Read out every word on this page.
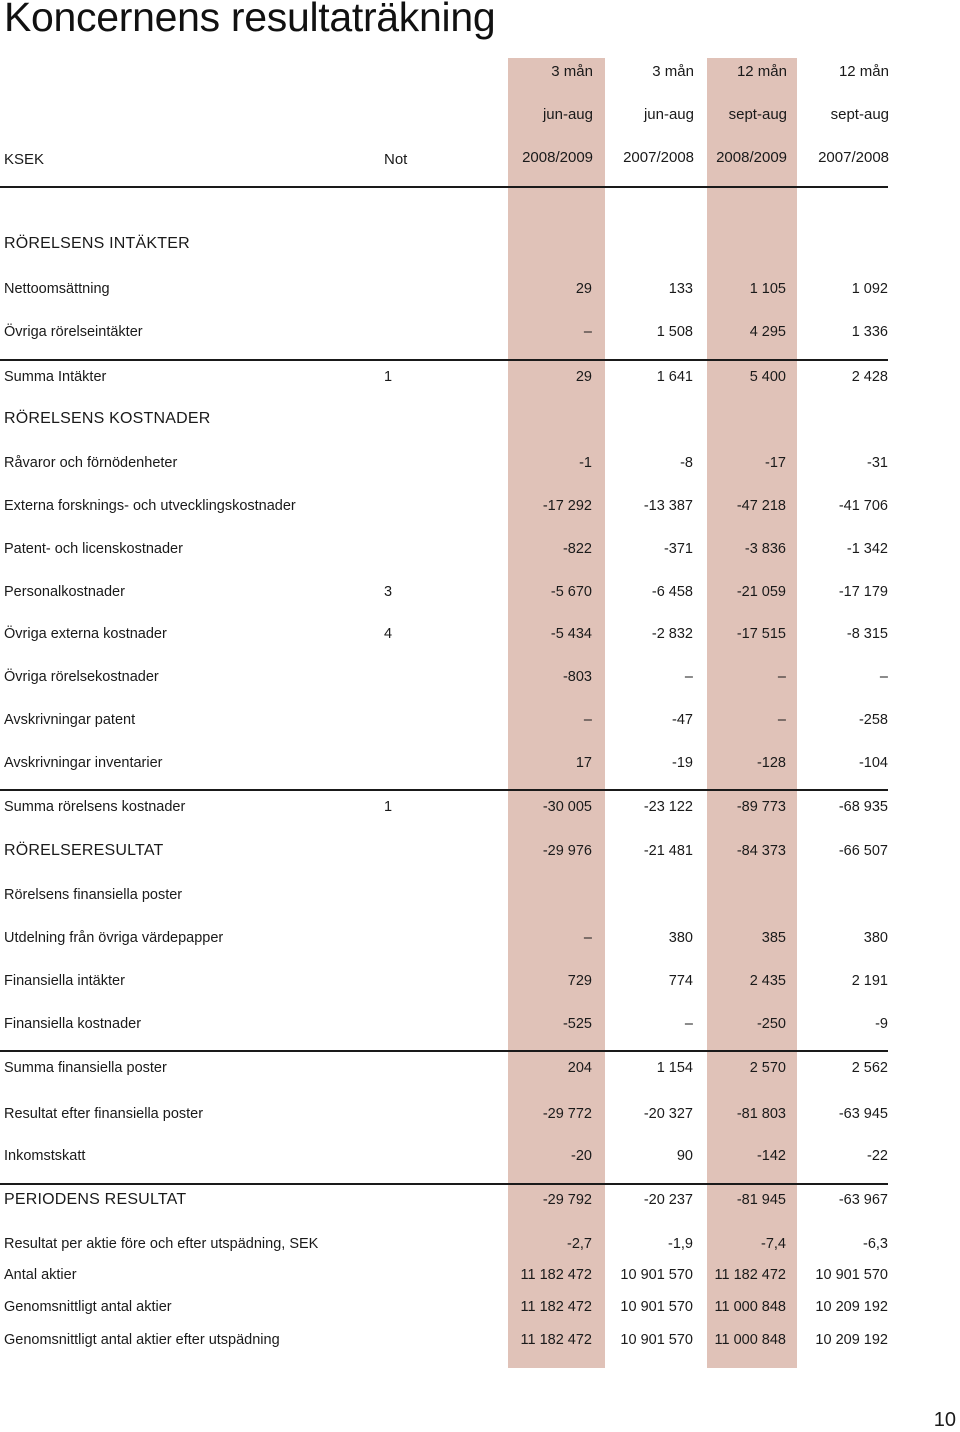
Koncernens resultaträkning
3 mån	3 mån	12 mån	12 mån
jun-aug	jun-aug	sept-aug	sept-aug
KSEK	Not	2008/2009	2007/2008	2008/2009	2007/2008
RÖRELSENS INTÄKTER
Nettoomsättning	29	133	1 105	1 092
Övriga rörelseintäkter	–	1 508	4 295	1 336
Summa Intäkter	1	29	1 641	5 400	2 428
RÖRELSENS KOSTNADER
Råvaror och förnödenheter	-1	-8	-17	-31
Externa forsknings- och utvecklingskostnader	-17 292	-13 387	-47 218	-41 706
Patent- och licenskostnader	-822	-371	-3 836	-1 342
Personalkostnader	3	-5 670	-6 458	-21 059	-17 179
Övriga externa kostnader	4	-5 434	-2 832	-17 515	-8 315
Övriga rörelsekostnader	-803	–	–	–
Avskrivningar patent	–	-47	–	-258
Avskrivningar inventarier	17	-19	-128	-104
Summa rörelsens kostnader	1	-30 005	-23 122	-89 773	-68 935
RÖRELSERESULTAT	-29 976	-21 481	-84 373	-66 507
Rörelsens finansiella poster
Utdelning från övriga värdepapper	–	380	385	380
Finansiella intäkter	729	774	2 435	2 191
Finansiella kostnader	-525	–	-250	-9
Summa finansiella poster	204	1 154	2 570	2 562
Resultat efter finansiella poster	-29 772	-20 327	-81 803	-63 945
Inkomstskatt	-20	90	-142	-22
PERIODENS RESULTAT	-29 792	-20 237	-81 945	-63 967
Resultat per aktie före och efter utspädning, SEK	-2,7	-1,9	-7,4	-6,3
Antal aktier	11 182 472	10 901 570	11 182 472	10 901 570
Genomsnittligt antal aktier	11 182 472	10 901 570	11 000 848	10 209 192
Genomsnittligt antal aktier efter utspädning	11 182 472	10 901 570	11 000 848	10 209 192
10
